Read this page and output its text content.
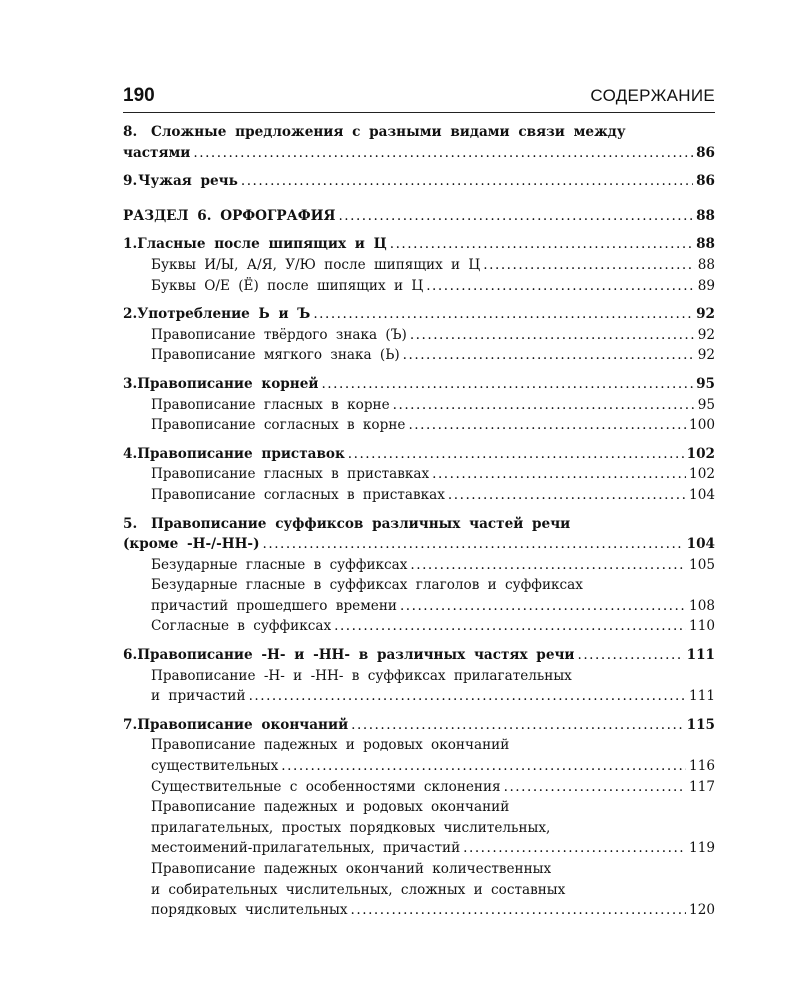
190	СОДЕРЖАНИЕ
8.	Сложные предложения с разными видами связи между
частями . . .	86
9. Чужая речь . . .	86
РАЗДЕЛ 6. ОРФОГРАФИЯ . . .	88
1. Гласные после шипящих и Ц . . .	88
Буквы И/Ы, А/Я, У/Ю после шипящих и Ц . . .	88
Буквы О/Е (Ё) после шипящих и Ц . . .	89
2. Употребление Ь и Ъ . . .	92
Правописание твёрдого знака (Ъ) . . .	92
Правописание мягкого знака (Ь) . . .	92
3. Правописание корней . . .	95
Правописание гласных в корне . . .	95
Правописание согласных в корне . . .	100
4. Правописание приставок . . .	102
Правописание гласных в приставках . . .	102
Правописание согласных в приставках . . .	104
5.	Правописание суффиксов различных частей речи
(кроме -Н-/-НН-) . . .	104
Безударные гласные в суффиксах . . .	105
Безударные гласные в суффиксах глаголов и суффиксах
причастий прошедшего времени . . .	108
Согласные в суффиксах . . .	110
6. Правописание -Н- и -НН- в различных частях речи . . .	111
Правописание -Н- и -НН- в суффиксах прилагательных
и причастий . . .	111
7. Правописание окончаний . . .	115
Правописание падежных и родовых окончаний
существительных . . .	116
Существительные с особенностями склонения . . .	117
Правописание падежных и родовых окончаний
прилагательных, простых порядковых числительных,
местоимений-прилагательных, причастий . . .	119
Правописание падежных окончаний количественных
и собирательных числительных, сложных и составных
порядковых числительных . . .	120
